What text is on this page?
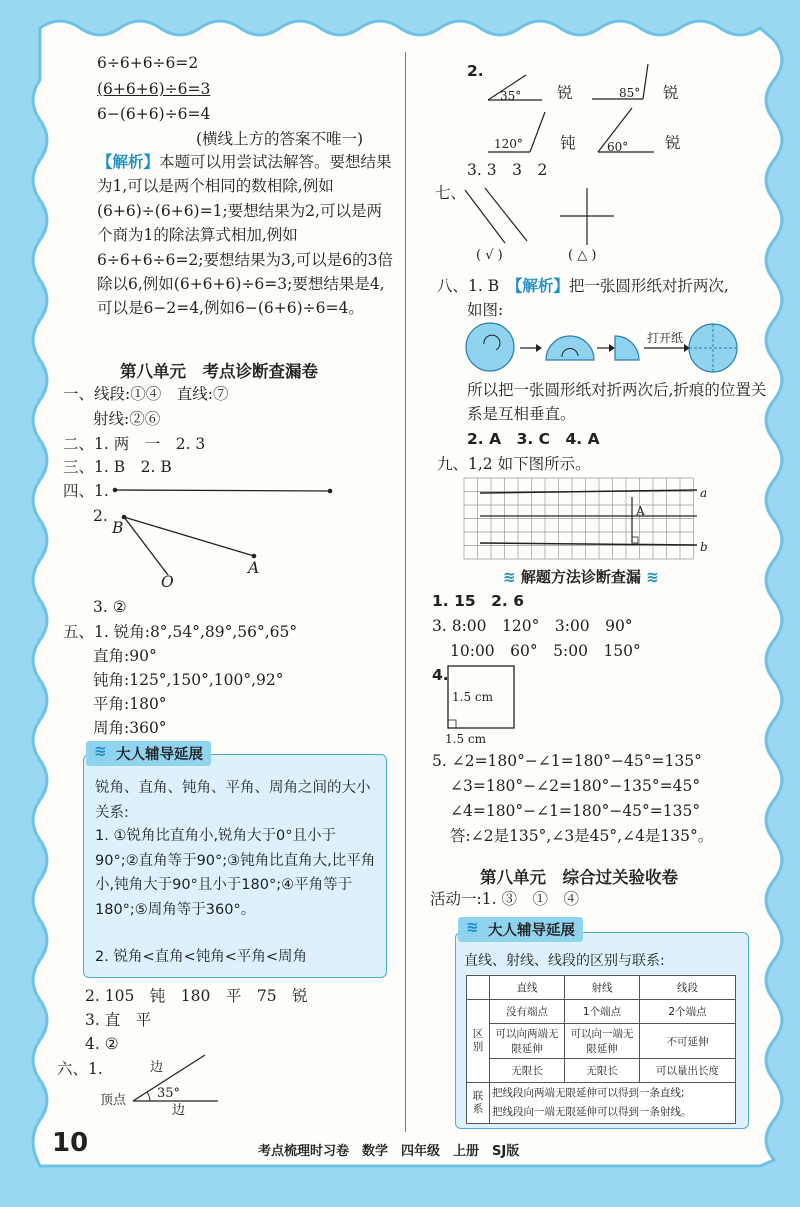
6÷6+6÷6=2
(6+6+6)÷6=3
6−(6+6)÷6=4
(横线上方的答案不唯一)
【解析】本题可以用尝试法解答。要想结果为1,可以是两个相同的数相除,例如(6+6)÷(6+6)=1;要想结果为2,可以是两个商为1的除法算式相加,例如6÷6+6÷6=2;要想结果为3,可以是6的3倍除以6,例如(6+6+6)÷6=3;要想结果是4,可以是6−2=4,例如6−(6+6)÷6=4。
第八单元　考点诊断查漏卷
一、线段:①④　直线:⑦
射线:②⑥
二、1. 两　一　2. 3
三、1. B　2. B
四、1.
2.
B
O
A
3. ②
五、1. 锐角:8°,54°,89°,56°,65°
直角:90°
钝角:125°,150°,100°,92°
平角:180°
周角:360°
≋ 大人辅导延展
锐角、直角、钝角、平角、周角之间的大小关系:
1. ①锐角比直角小,锐角大于0°且小于90°;②直角等于90°;③钝角比直角大,比平角小,钝角大于90°且小于180°;④平角等于180°;⑤周角等于360°。
2. 锐角<直角<钝角<平角<周角
2. 105　钝　180　平　75　锐
3. 直　平
4. ②
六、1.	边
顶点 35°
边
2.
35° 锐	85° 锐
120° 钝	60° 锐
3. 3　3　2
七、
( √ )	( △ )
八、1. B　 【解析】把一张圆形纸对折两次,
如图:
打开纸
所以把一张圆形纸对折两次后,折痕的位置关系是互相垂直。
2. A　3. C　4. A
九、1,2 如下图所示。
a
b
A
≋ 解题方法诊断查漏 ≋
1. 15　2. 6
3. 8:00　120°　3:00　90°
10:00　60°　5:00　150°
4.
1.5 cm
1.5 cm
5. ∠2=180°−∠1=180°−45°=135°
∠3=180°−∠2=180°−135°=45°
∠4=180°−∠1=180°−45°=135°
答:∠2是135°,∠3是45°,∠4是135°。
第八单元　综合过关验收卷
活动一:1. ③　①　④
≋ 大人辅导延展
直线、射线、线段的区别与联系:
	直线	射线	线段
区别	没有端点	1个端点	2个端点
	可以向两端无限延伸	可以向一端无限延伸	不可延伸
	无限长	无限长	可以量出长度
联系	把线段向两端无限延伸可以得到一条直线;
把线段向一端无限延伸可以得到一条射线。		
10	考点梳理时习卷　数学　四年级　上册　SJ版
